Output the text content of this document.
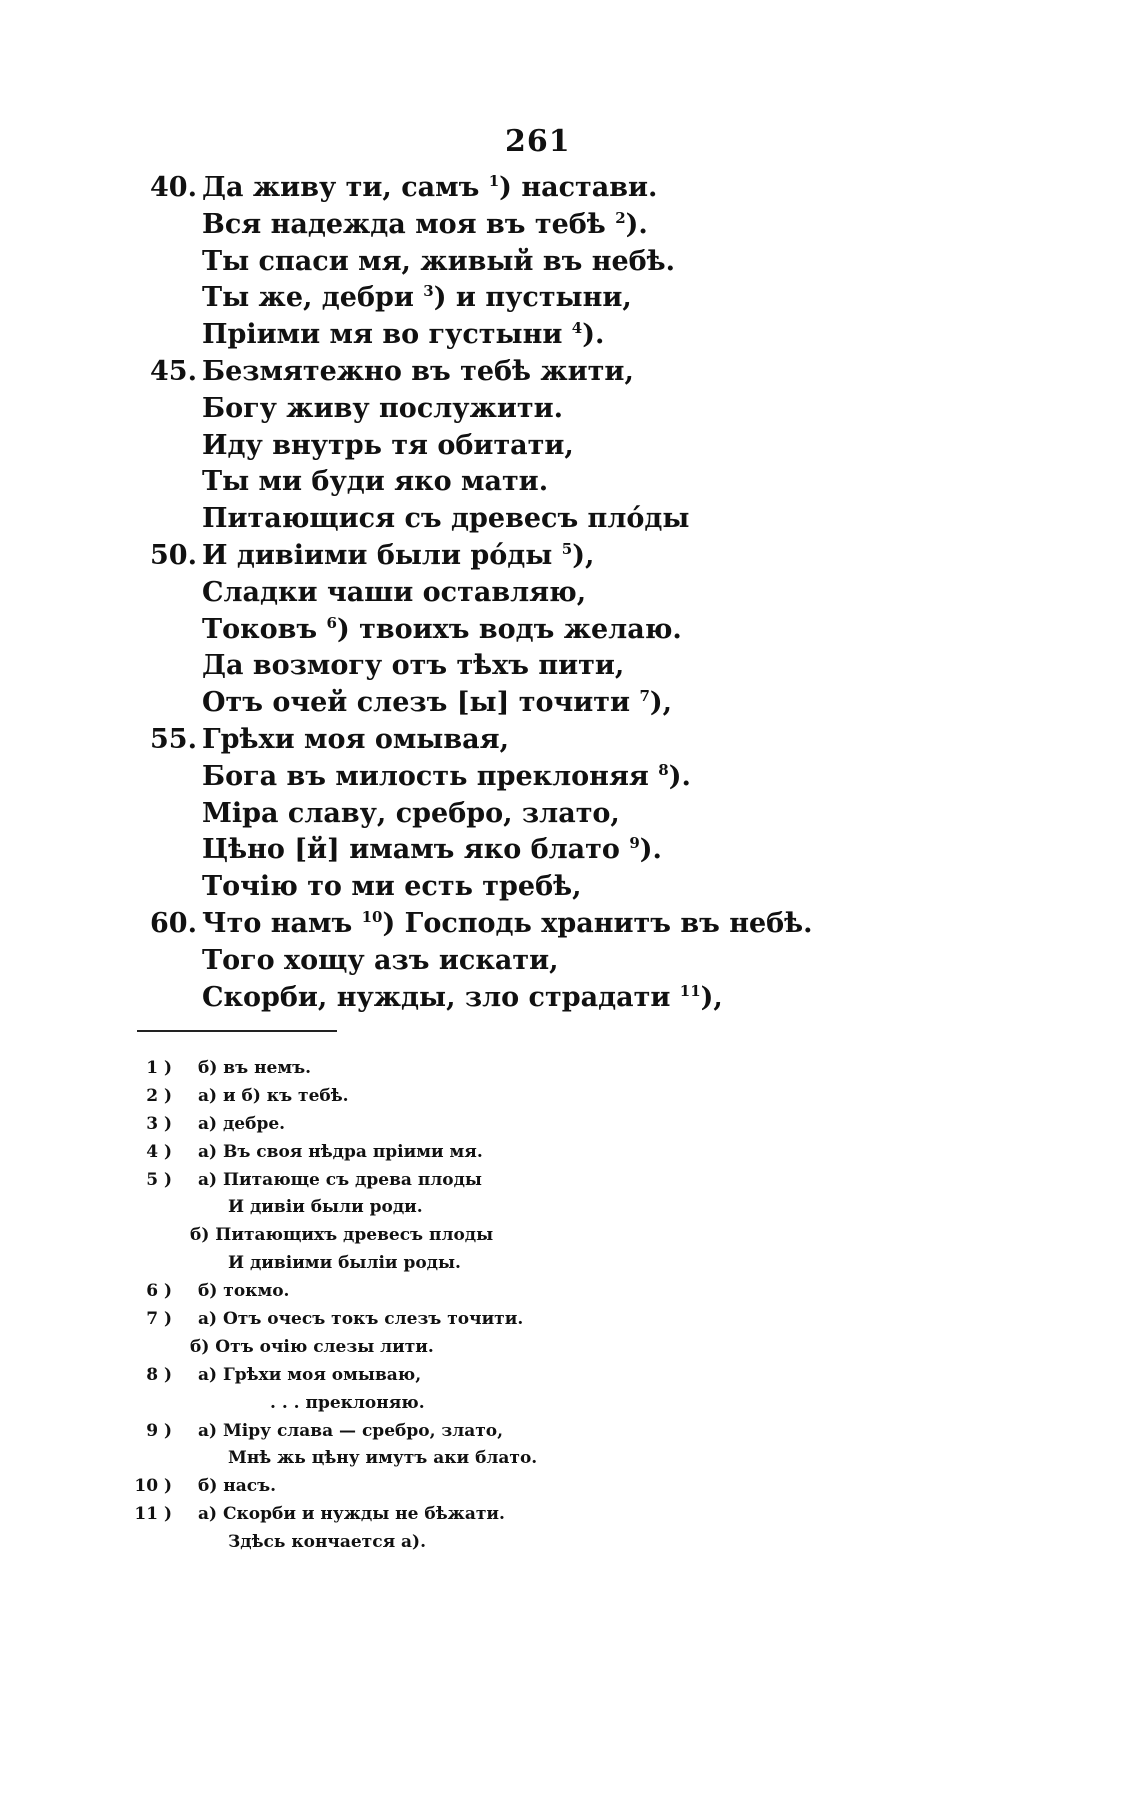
261
40. Да живу ти, самъ $^1$) настави.
Вся надежда моя въ тебѣ $^2$).
Ты спаси мя, живый въ небѣ.
Ты же, дебри $^3$) и пустыни,
Пріими мя во густыни $^4$).
45. Безмятежно въ тебѣ жити,
Богу живу послужити.
Иду внутрь тя обитати,
Ты ми буди яко мати.
Питающися съ древесъ плóды
50. И дивіими были рóды $^5$),
Сладки чаши оставляю,
Токовъ $^6$) твоихъ водъ желаю.
Да возмогу отъ тѣхъ пити,
Отъ очей слезъ [ы] точити $^7$),
55. Грѣхи моя омывая,
Бога въ милость преклоняя $^8$).
Міра славу, сребро, злато,
Цѣно [й] имамъ яко блато $^9$).
Точію то ми есть требѣ,
60. Что намъ $^{10}$) Господь хранитъ въ небѣ.
Того хощу азъ искати,
Скорби, нужды, зло страдати $^{11}$),
1 ) б) въ немъ.
2 ) а) и б) къ тебѣ.
3 ) а) дебре.
4 ) а) Въ своя нѣдра пріими мя.
5 ) а) Питающе съ древа плоды
И дивіи были роди.
б) Питающихъ древесъ плоды
И дивіими быліи роды.
6 ) б) токмо.
7 ) а) Отъ очесъ токъ слезъ точити.
б) Отъ очію слезы лити.
8 ) а) Грѣхи моя омываю,
. . . преклоняю.
9 ) а) Міру слава — сребро, злато,
Мнѣ жь цѣну имутъ аки блато.
10 ) б) насъ.
11 ) а) Скорби и нужды не бѣжати.
Здѣсь кончается а).
